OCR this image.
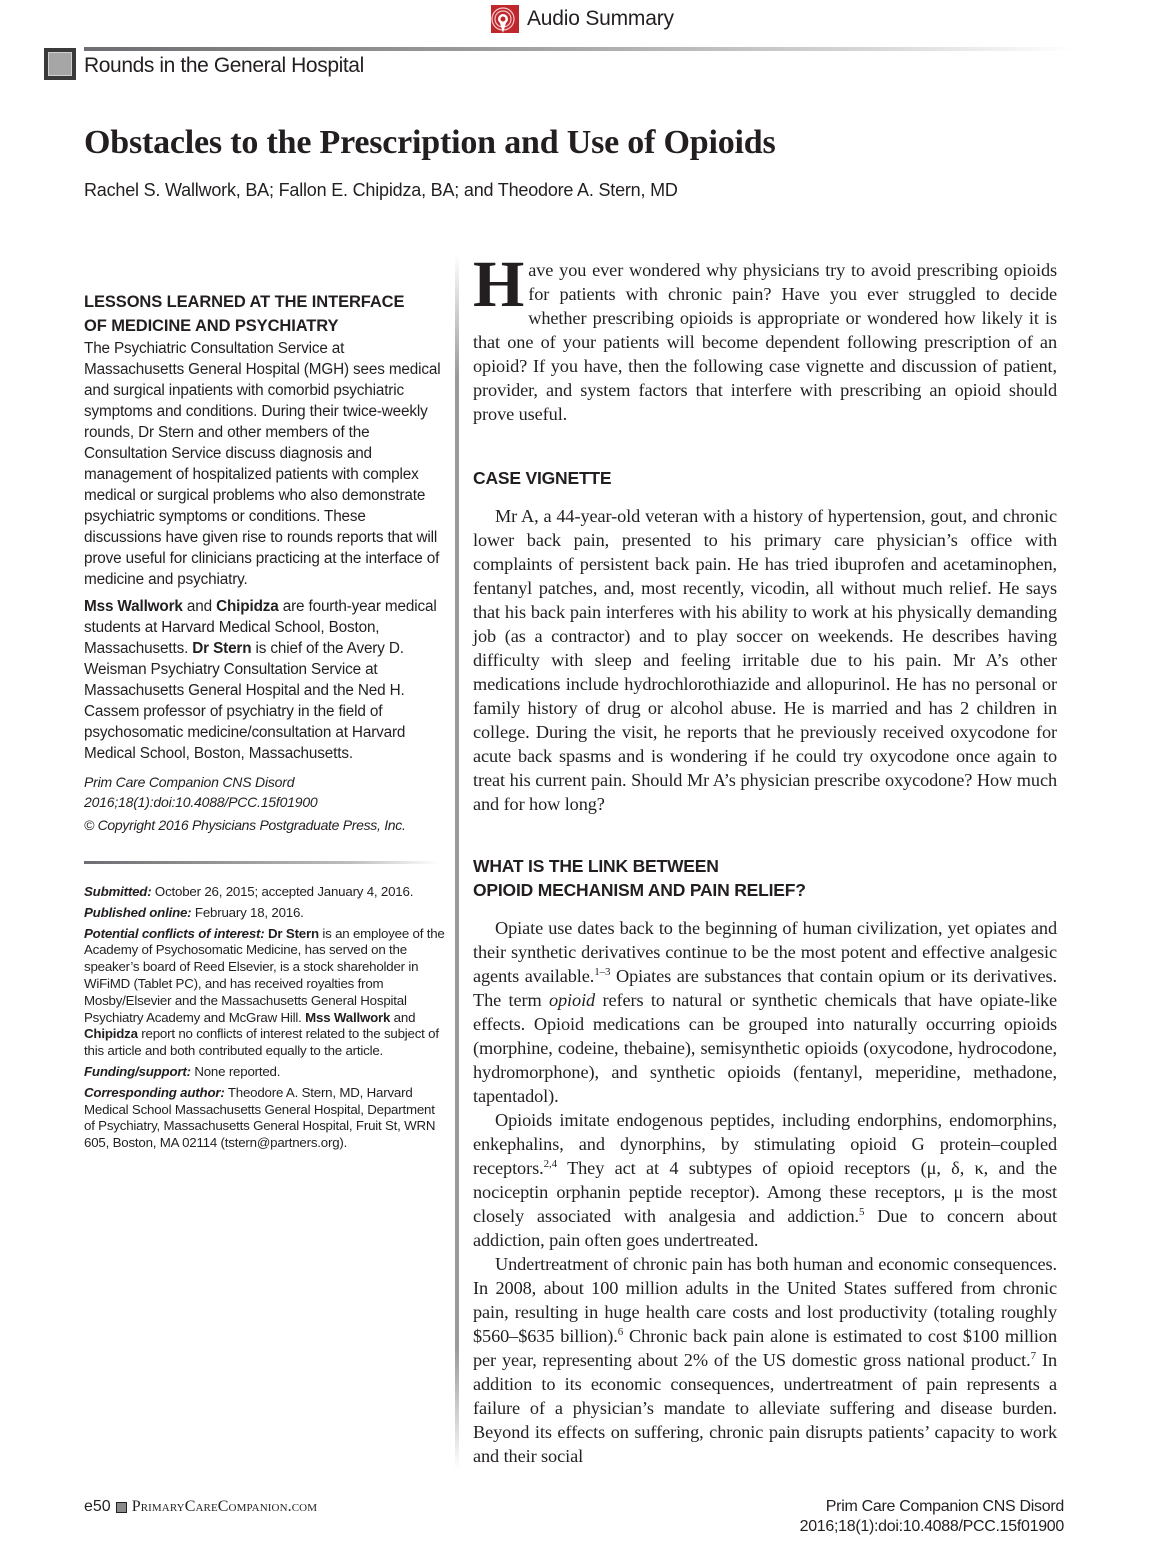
Audio Summary
Rounds in the General Hospital
Obstacles to the Prescription and Use of Opioids
Rachel S. Wallwork, BA; Fallon E. Chipidza, BA; and Theodore A. Stern, MD
LESSONS LEARNED AT THE INTERFACE
OF MEDICINE AND PSYCHIATRY

The Psychiatric Consultation Service at Massachusetts General Hospital (MGH) sees medical and surgical inpatients with comorbid psychiatric symptoms and conditions. During their twice-weekly rounds, Dr Stern and other members of the Consultation Service discuss diagnosis and management of hospitalized patients with complex medical or surgical problems who also demonstrate psychiatric symptoms or conditions. These discussions have given rise to rounds reports that will prove useful for clinicians practicing at the interface of medicine and psychiatry.

Mss Wallwork and Chipidza are fourth-year medical students at Harvard Medical School, Boston, Massachusetts. Dr Stern is chief of the Avery D. Weisman Psychiatry Consultation Service at Massachusetts General Hospital and the Ned H. Cassem professor of psychiatry in the field of psychosomatic medicine/consultation at Harvard Medical School, Boston, Massachusetts.

Prim Care Companion CNS Disord
2016;18(1):doi:10.4088/PCC.15f01900
© Copyright 2016 Physicians Postgraduate Press, Inc.

Submitted: October 26, 2015; accepted January 4, 2016.

Published online: February 18, 2016.

Potential conflicts of interest: Dr Stern is an employee of the Academy of Psychosomatic Medicine, has served on the speaker’s board of Reed Elsevier, is a stock shareholder in WiFiMD (Tablet PC), and has received royalties from Mosby/Elsevier and the Massachusetts General Hospital Psychiatry Academy and McGraw Hill. Mss Wallwork and Chipidza report no conflicts of interest related to the subject of this article and both contributed equally to the article.

Funding/support: None reported.

Corresponding author: Theodore A. Stern, MD, Harvard Medical School Massachusetts General Hospital, Department of Psychiatry, Massachusetts General Hospital, Fruit St, WRN 605, Boston, MA 02114 (tstern@partners.org).

Have you ever wondered why physicians try to avoid prescribing opioids for patients with chronic pain? Have you ever struggled to decide whether prescribing opioids is appropriate or wondered how likely it is that one of your patients will become dependent following prescription of an opioid? If you have, then the following case vignette and discussion of patient, provider, and system factors that interfere with prescribing an opioid should prove useful.

CASE VIGNETTE

Mr A, a 44-year-old veteran with a history of hypertension, gout, and chronic lower back pain, presented to his primary care physician’s office with complaints of persistent back pain. He has tried ibuprofen and acetaminophen, fentanyl patches, and, most recently, vicodin, all without much relief. He says that his back pain interferes with his ability to work at his physically demanding job (as a contractor) and to play soccer on weekends. He describes having difficulty with sleep and feeling irritable due to his pain. Mr A’s other medications include hydrochlorothiazide and allopurinol. He has no personal or family history of drug or alcohol abuse. He is married and has 2 children in college. During the visit, he reports that he previously received oxycodone for acute back spasms and is wondering if he could try oxycodone once again to treat his current pain. Should Mr A’s physician prescribe oxycodone? How much and for how long?

WHAT IS THE LINK BETWEEN
OPIOID MECHANISM AND PAIN RELIEF?

Opiate use dates back to the beginning of human civilization, yet opiates and their synthetic derivatives continue to be the most potent and effective analgesic agents available.$^{1-3}$ Opiates are substances that contain opium or its derivatives. The term opioid refers to natural or synthetic chemicals that have opiate-like effects. Opioid medications can be grouped into naturally occurring opioids (morphine, codeine, thebaine), semisynthetic opioids (oxycodone, hydrocodone, hydromorphone), and synthetic opioids (fentanyl, meperidine, methadone, tapentadol).

Opioids imitate endogenous peptides, including endorphins, endomorphins, enkephalins, and dynorphins, by stimulating opioid G protein–coupled receptors.$^{2,4}$ They act at 4 subtypes of opioid receptors (μ, δ, κ, and the nociceptin orphanin peptide receptor). Among these receptors, μ is the most closely associated with analgesia and addiction.$^5$ Due to concern about addiction, pain often goes undertreated.

Undertreatment of chronic pain has both human and economic consequences. In 2008, about 100 million adults in the United States suffered from chronic pain, resulting in huge health care costs and lost productivity (totaling roughly $560–$635 billion).$^6$ Chronic back pain alone is estimated to cost $100 million per year, representing about 2% of the US domestic gross national product.$^7$ In addition to its economic consequences, undertreatment of pain represents a failure of a physician’s mandate to alleviate suffering and disease burden. Beyond its effects on suffering, chronic pain disrupts patients’ capacity to work and their social

e50 PrimaryCareCompanion.com	Prim Care Companion CNS Disord
2016;18(1):doi:10.4088/PCC.15f01900
